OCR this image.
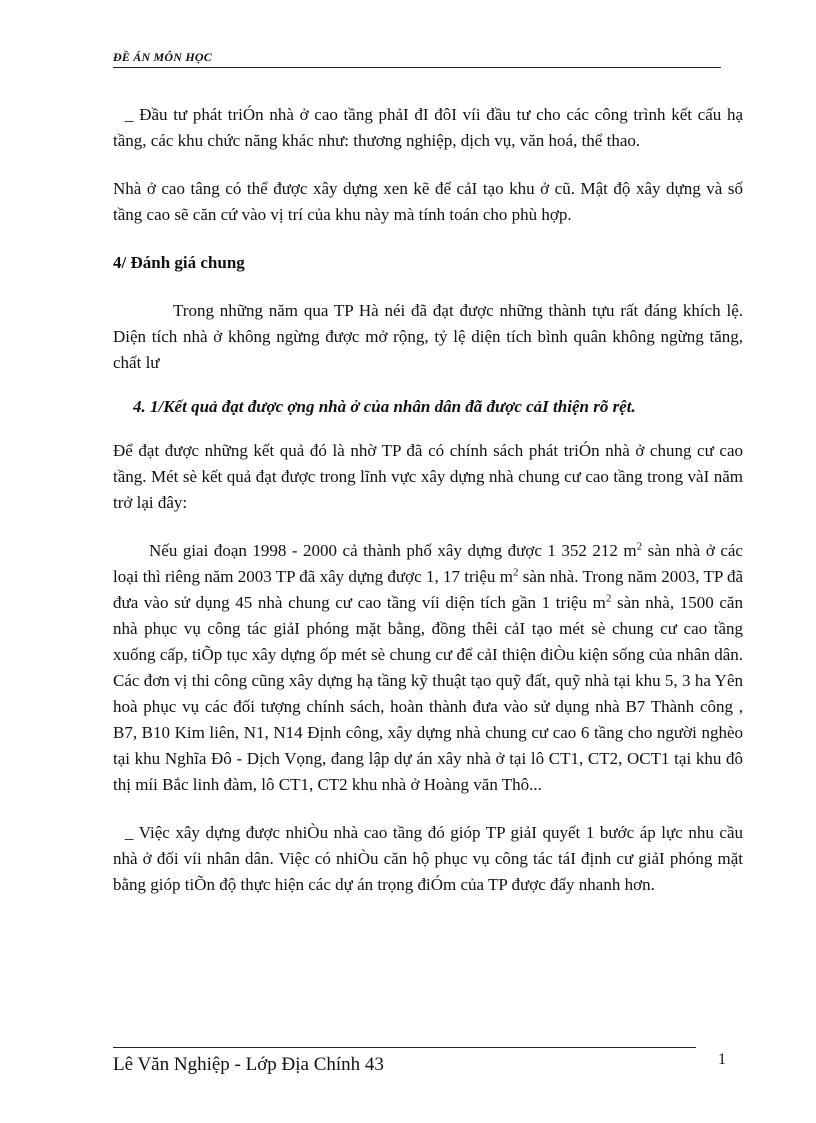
ĐỀ ÁN MÔN HỌC

_ Đầu tư phát triÓn nhà ở cao tầng phảI đI đôI víi đầu tư cho các công trình kết cấu hạ tầng, các khu chức năng khác như: thương nghiệp, dịch vụ, văn hoá, thể thao.

Nhà ở cao tâng có thể được xây dựng xen kẽ để cảI tạo khu ở cũ. Mật độ xây dựng và số tầng cao sẽ căn cứ vào vị trí của khu này mà tính toán cho phù hợp.

4/ Đánh giá chung

Trong những năm qua TP Hà néi đã đạt được những thành tựu rất đáng khích lệ. Diện tích nhà ở không ngừng được mở rộng, tỷ lệ diện tích bình quân không ngừng tăng, chất lư

4. 1/Kết quả đạt được ợng nhà ở của nhân dân đã được cảI thiện rõ rệt.

Để đạt được những kết quả đó là nhờ TP đã có chính sách phát triÓn nhà ở chung cư cao tầng. Mét sè kết quả đạt được trong lĩnh vực xây dựng nhà chung cư cao tầng trong vàI năm trở lại đây:

Nếu giai đoạn 1998 - 2000 cả thành phố xây dựng được 1 352 212 $m^2$ sàn nhà ở các loại thì riêng năm 2003 TP đã xây dựng được 1, 17 triệu $m^2$ sàn nhà. Trong năm 2003, TP đã đưa vào sử dụng 45 nhà chung cư cao tầng víi diện tích gần 1 triệu $m^2$ sàn nhà, 1500 căn nhà phục vụ công tác giảI phóng mặt bằng, đồng thêi cảI tạo mét sè chung cư cao tầng xuống cấp, tiÕp tục xây dựng ốp mét sè chung cư để cảI thiện điÒu kiện sống của nhân dân. Các đơn vị thi công cũng xây dựng hạ tầng kỹ thuật tạo quỹ đất, quỹ nhà tại khu 5, 3 ha Yên hoà phục vụ các đối tượng chính sách, hoàn thành đưa vào sử dụng nhà B7 Thành công , B7, B10 Kim liên, N1, N14 Định công, xây dựng nhà chung cư cao 6 tầng cho người nghèo tại khu Nghĩa Đô - Dịch Vọng, đang lập dự án xây nhà ở tại lô CT1, CT2, OCT1 tại khu đô thị míi Bắc linh đàm, lô CT1, CT2 khu nhà ở Hoàng văn Thô...

_ Việc xây dựng được nhiÒu nhà cao tầng đó gióp TP giảI quyết 1 bước áp lực nhu cầu nhà ở đối víi nhân dân. Việc có nhiÒu căn hộ phục vụ công tác táI định cư giảI phóng mặt bằng gióp tiÕn độ thực hiện các dự án trọng điÓm của TP được đẩy nhanh hơn.

Lê Văn Nghiệp - Lớp Địa Chính 43	1
